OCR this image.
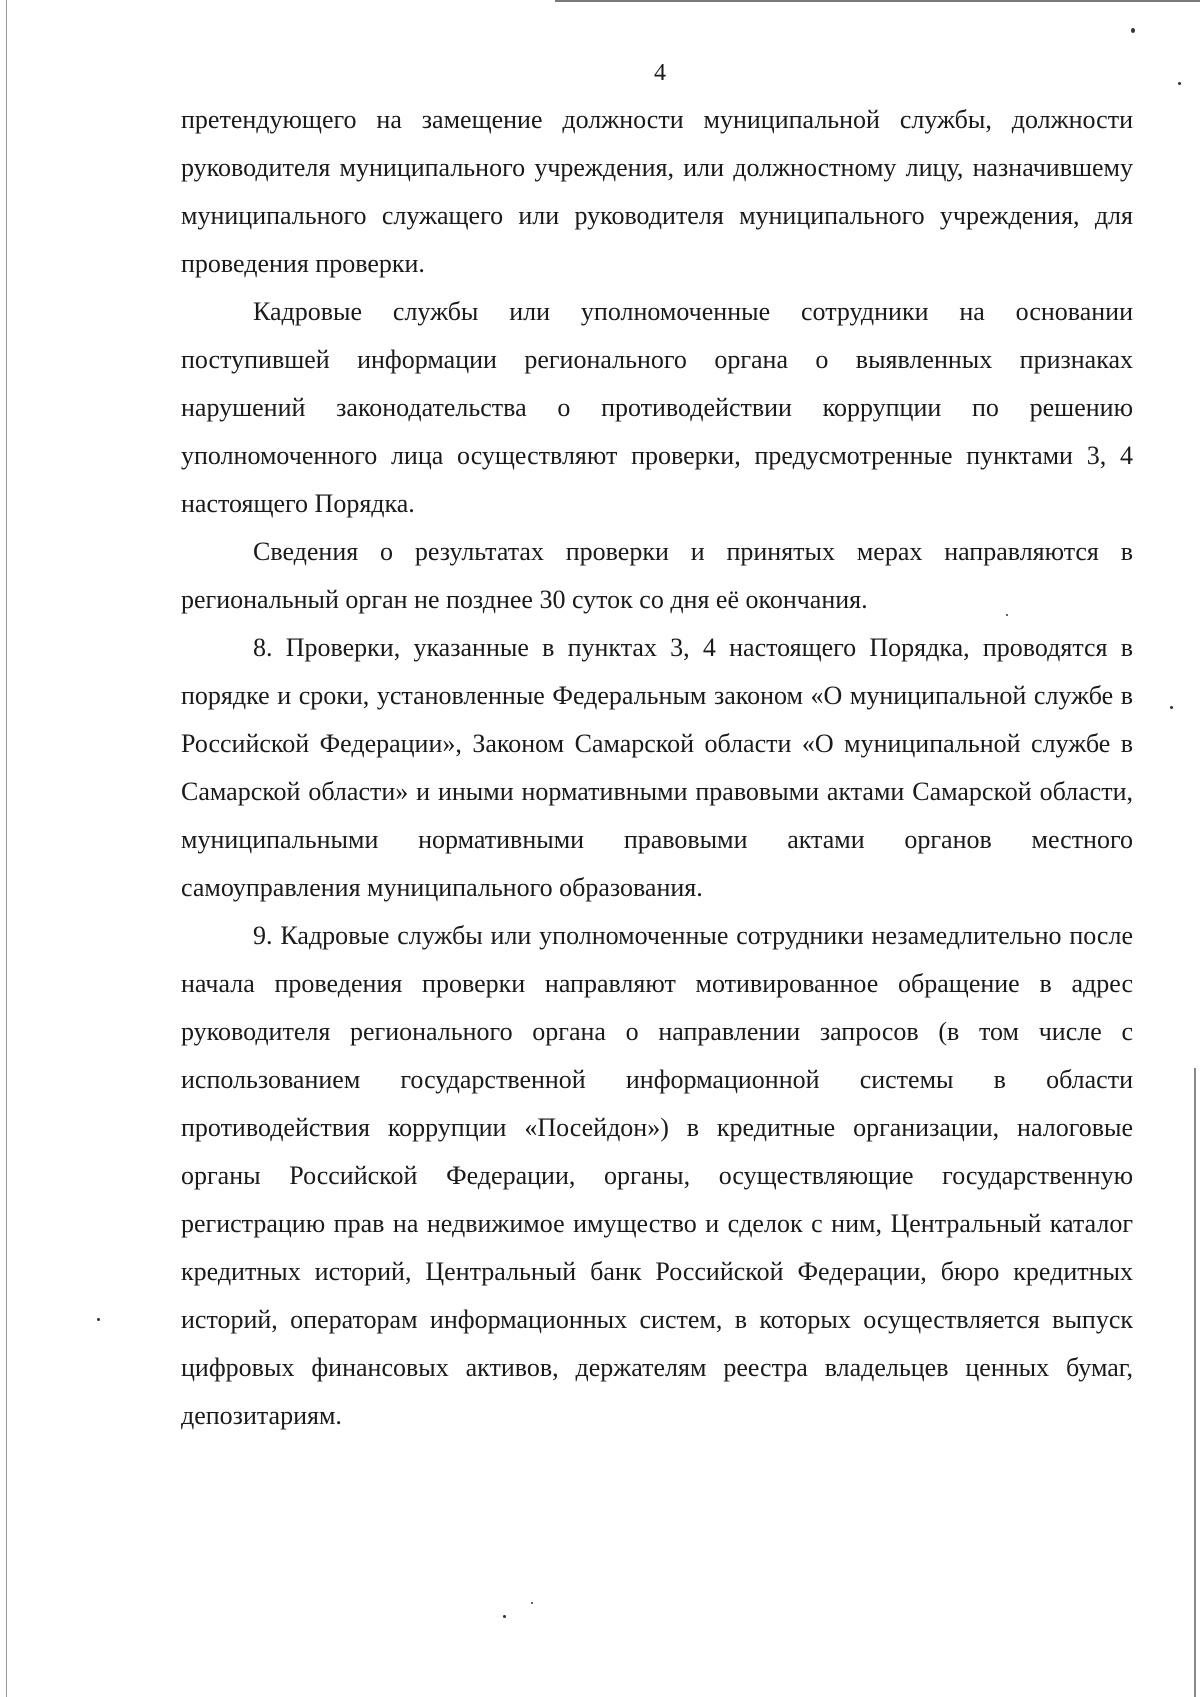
4

претендующего на замещение должности муниципальной службы, должности руководителя муниципального учреждения, или должностному лицу, назначившему муниципального служащего или руководителя муниципального учреждения, для проведения проверки.

Кадровые службы или уполномоченные сотрудники на основании поступившей информации регионального органа о выявленных признаках нарушений законодательства о противодействии коррупции по решению уполномоченного лица осуществляют проверки, предусмотренные пунктами 3, 4 настоящего Порядка.

Сведения о результатах проверки и принятых мерах направляются в региональный орган не позднее 30 суток со дня её окончания.

8. Проверки, указанные в пунктах 3, 4 настоящего Порядка, проводятся в порядке и сроки, установленные Федеральным законом «О муниципальной службе в Российской Федерации», Законом Самарской области «О муниципальной службе в Самарской области» и иными нормативными правовыми актами Самарской области, муниципальными нормативными правовыми актами органов местного самоуправления муниципального образования.

9. Кадровые службы или уполномоченные сотрудники незамедлительно после начала проведения проверки направляют мотивированное обращение в адрес руководителя регионального органа о направлении запросов (в том числе с использованием государственной информационной системы в области противодействия коррупции «Посейдон») в кредитные организации, налоговые органы Российской Федерации, органы, осуществляющие государственную регистрацию прав на недвижимое имущество и сделок с ним, Центральный каталог кредитных историй, Центральный банк Российской Федерации, бюро кредитных историй, операторам информационных систем, в которых осуществляется выпуск цифровых финансовых активов, держателям реестра владельцев ценных бумаг, депозитариям.
